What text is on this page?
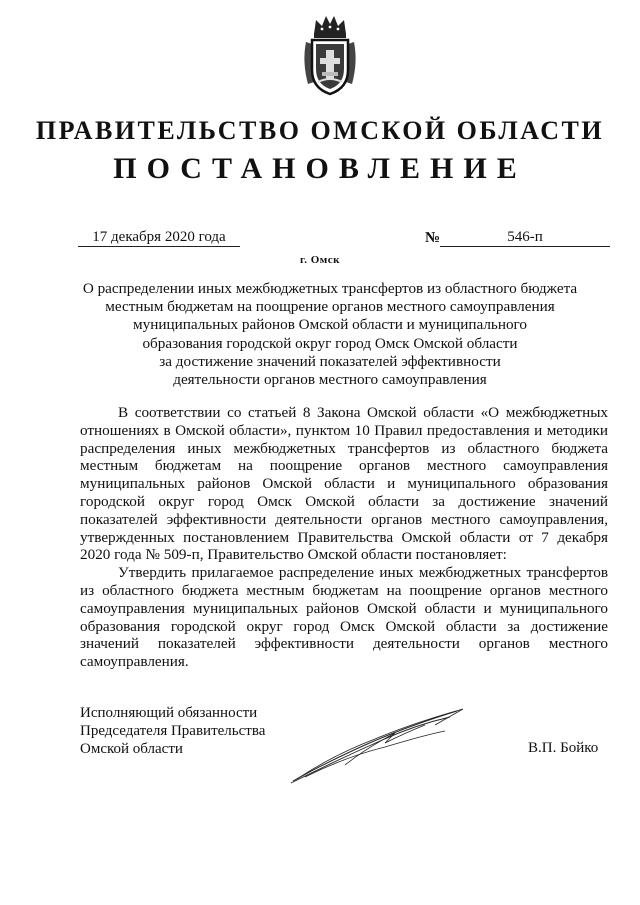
ПРАВИТЕЛЬСТВО ОМСКОЙ ОБЛАСТИ
ПОСТАНОВЛЕНИЕ
17 декабря 2020 года	№	546-п
г. Омск
О распределении иных межбюджетных трансфертов из областного бюджета
местным бюджетам на поощрение органов местного самоуправления
муниципальных районов Омской области и муниципального
образования городской округ город Омск Омской области
за достижение значений показателей эффективности
деятельности органов местного самоуправления

В соответствии со статьей 8 Закона Омской области «О межбюджетных отношениях в Омской области», пунктом 10 Правил предоставления и методики распределения иных межбюджетных трансфертов из областного бюджета местным бюджетам на поощрение органов местного самоуправления муниципальных районов Омской области и муниципального образования городской округ город Омск Омской области за достижение значений показателей эффективности деятельности органов местного самоуправления, утвержденных постановлением Правительства Омской области от 7 декабря 2020 года № 509-п, Правительство Омской области постановляет:

Утвердить прилагаемое распределение иных межбюджетных трансфертов из областного бюджета местным бюджетам на поощрение органов местного самоуправления муниципальных районов Омской области и муниципального образования городской округ город Омск Омской области за достижение значений показателей эффективности деятельности органов местного самоуправления.

Исполняющий обязанности
Председателя Правительства
Омской области	В.П. Бойко
